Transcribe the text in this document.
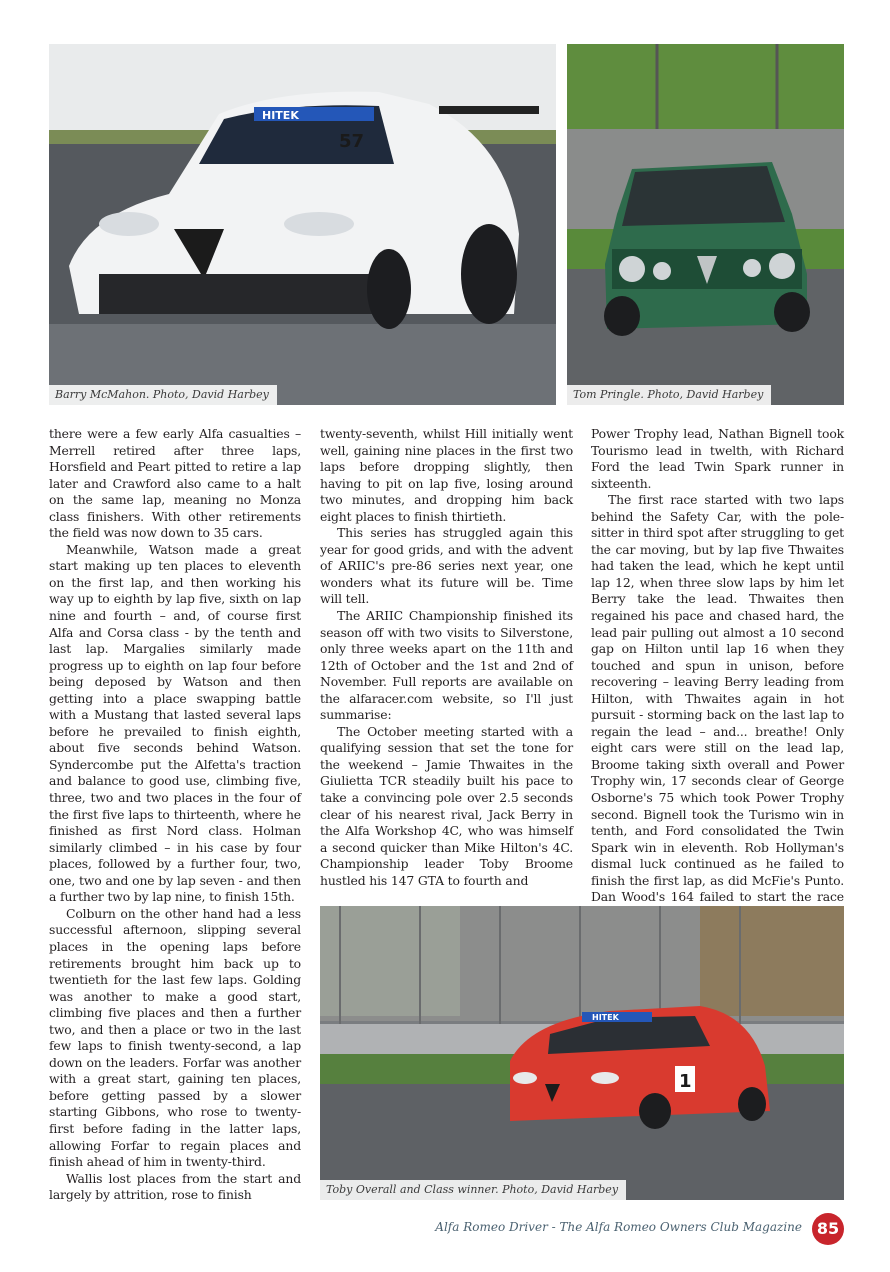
HITEK
57
Barry McMahon. Photo, David Harbey	Tom Pringle. Photo, David Harbey

there were a few early Alfa casualties – Merrell retired after three laps, Horsfield and Peart pitted to retire a lap later and Crawford also came to a halt on the same lap, meaning no Monza class finishers. With other retirements the field was now down to 35 cars.

Meanwhile, Watson made a great start making up ten places to eleventh on the first lap, and then working his way up to eighth by lap five, sixth on lap nine and fourth – and, of course first Alfa and Corsa class - by the tenth and last lap. Margalies similarly made progress up to eighth on lap four before being deposed by Watson and then getting into a place swapping battle with a Mustang that lasted several laps before he prevailed to finish eighth, about five seconds behind Watson. Syndercombe put the Alfetta's traction and balance to good use, climbing five, three, two and two places in the four of the first five laps to thirteenth, where he finished as first Nord class. Holman similarly climbed – in his case by four places, followed by a further four, two, one, two and one by lap seven - and then a further two by lap nine, to finish 15th.

Colburn on the other hand had a less successful afternoon, slipping several places in the opening laps before retirements brought him back up to twentieth for the last few laps. Golding was another to make a good start, climbing five places and then a further two, and then a place or two in the last few laps to finish twenty-second, a lap down on the leaders. Forfar was another with a great start, gaining ten places, before getting passed by a slower starting Gibbons, who rose to twenty-first before fading in the latter laps, allowing Forfar to regain places and finish ahead of him in twenty-third.

Wallis lost places from the start and largely by attrition, rose to finish

twenty-seventh, whilst Hill initially went well, gaining nine places in the first two laps before dropping slightly, then having to pit on lap five, losing around two minutes, and dropping him back eight places to finish thirtieth.

This series has struggled again this year for good grids, and with the advent of ARIIC's pre-86 series next year, one wonders what its future will be. Time will tell.

The ARIIC Championship finished its season off with two visits to Silverstone, only three weeks apart on the 11th and 12th of October and the 1st and 2nd of November. Full reports are available on the alfaracer.com website, so I'll just summarise:

The October meeting started with a qualifying session that set the tone for the weekend – Jamie Thwaites in the Giulietta TCR steadily built his pace to take a convincing pole over 2.5 seconds clear of his nearest rival, Jack Berry in the Alfa Workshop 4C, who was himself a second quicker than Mike Hilton's 4C. Championship leader Toby Broome hustled his 147 GTA to fourth and

Power Trophy lead, Nathan Bignell took Tourismo lead in twelth, with Richard Ford the lead Twin Spark runner in sixteenth.

The first race started with two laps behind the Safety Car, with the pole-sitter in third spot after struggling to get the car moving, but by lap five Thwaites had taken the lead, which he kept until lap 12, when three slow laps by him let Berry take the lead. Thwaites then regained his pace and chased hard, the lead pair pulling out almost a 10 second gap on Hilton until lap 16 when they touched and spun in unison, before recovering – leaving Berry leading from Hilton, with Thwaites again in hot pursuit - storming back on the last lap to regain the lead – and... breathe! Only eight cars were still on the lead lap, Broome taking sixth overall and Power Trophy win, 17 seconds clear of George Osborne's 75 which took Power Trophy second. Bignell took the Turismo win in tenth, and Ford consolidated the Twin Spark win in eleventh. Rob Hollyman's dismal luck continued as he failed to finish the first lap, as did McFie's Punto. Dan Wood's 164 failed to start the race

HITEK
1
Toby Overall and Class winner. Photo, David Harbey
Alfa Romeo Driver - The Alfa Romeo Owners Club Magazine 85
